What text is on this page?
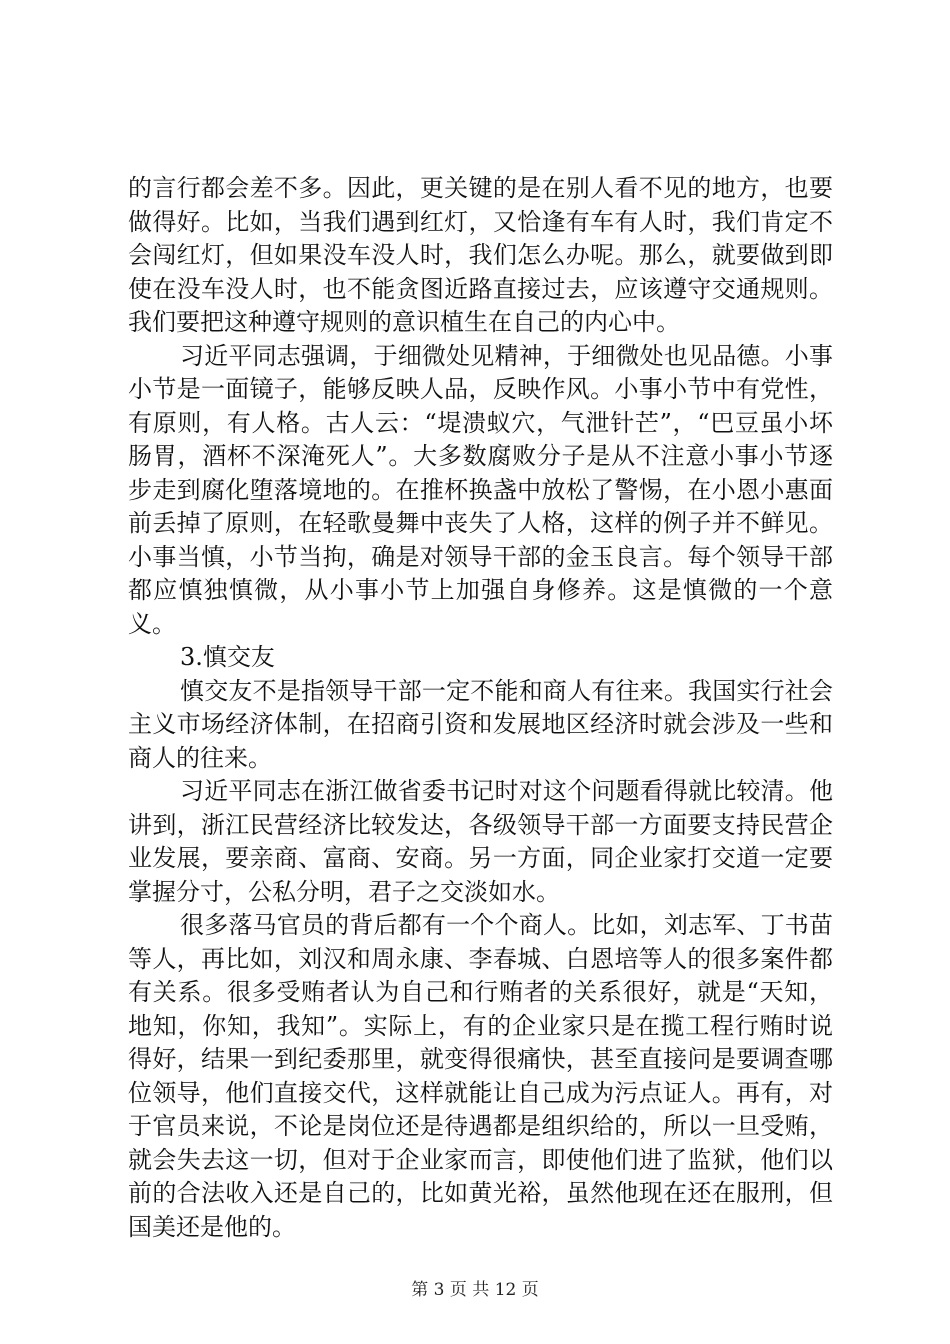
的言行都会差不多。因此，更关键的是在别人看不见的地方，也要做得好。比如，当我们遇到红灯，又恰逢有车有人时，我们肯定不会闯红灯，但如果没车没人时，我们怎么办呢。那么，就要做到即使在没车没人时，也不能贪图近路直接过去，应该遵守交通规则。我们要把这种遵守规则的意识植生在自己的内心中。

习近平同志强调，于细微处见精神，于细微处也见品德。小事小节是一面镜子，能够反映人品，反映作风。小事小节中有党性，有原则，有人格。古人云：“堤溃蚁穴，气泄针芒”，“巴豆虽小坏肠胃，酒杯不深淹死人”。大多数腐败分子是从不注意小事小节逐步走到腐化堕落境地的。在推杯换盏中放松了警惕，在小恩小惠面前丢掉了原则，在轻歌曼舞中丧失了人格，这样的例子并不鲜见。小事当慎，小节当拘，确是对领导干部的金玉良言。每个领导干部都应慎独慎微，从小事小节上加强自身修养。这是慎微的一个意义。

3.慎交友

慎交友不是指领导干部一定不能和商人有往来。我国实行社会主义市场经济体制，在招商引资和发展地区经济时就会涉及一些和商人的往来。

习近平同志在浙江做省委书记时对这个问题看得就比较清。他讲到，浙江民营经济比较发达，各级领导干部一方面要支持民营企业发展，要亲商、富商、安商。另一方面，同企业家打交道一定要掌握分寸，公私分明，君子之交淡如水。

很多落马官员的背后都有一个个商人。比如，刘志军、丁书苗等人，再比如，刘汉和周永康、李春城、白恩培等人的很多案件都有关系。很多受贿者认为自己和行贿者的关系很好，就是“天知，地知，你知，我知”。实际上，有的企业家只是在揽工程行贿时说得好，结果一到纪委那里，就变得很痛快，甚至直接问是要调查哪位领导，他们直接交代，这样就能让自己成为污点证人。再有，对于官员来说，不论是岗位还是待遇都是组织给的，所以一旦受贿，就会失去这一切，但对于企业家而言，即使他们进了监狱，他们以前的合法收入还是自己的，比如黄光裕，虽然他现在还在服刑，但国美还是他的。

第 3 页 共 12 页
